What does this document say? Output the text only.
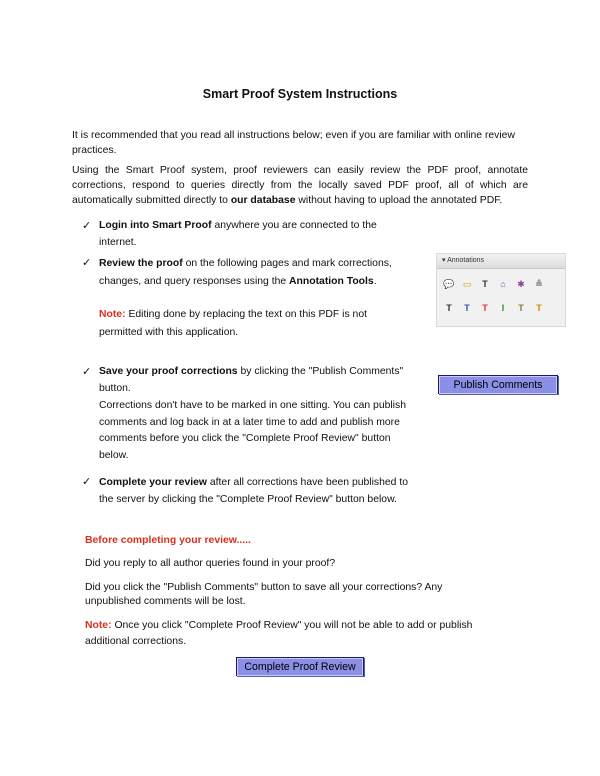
Smart Proof System Instructions
It is recommended that you read all instructions below; even if you are familiar with online review practices.
Using the Smart Proof system, proof reviewers can easily review the PDF proof, annotate corrections, respond to queries directly from the locally saved PDF proof, all of which are automatically submitted directly to our database without having to upload the annotated PDF.
✓ Login into Smart Proof anywhere you are connected to the internet.
✓ Review the proof on the following pages and mark corrections, changes, and query responses using the Annotation Tools.
Note: Editing done by replacing the text on this PDF is not permitted with this application.
▾ Annotations
💬 ▭	T	⌂	✱ ≗
T	T	T	I	T	T
✓ Save your proof corrections by clicking the "Publish Comments" button.
Corrections don't have to be marked in one sitting. You can publish comments and log back in at a later time to add and publish more comments before you click the "Complete Proof Review" button below.
Publish Comments
✓ Complete your review after all corrections have been published to the server by clicking the "Complete Proof Review" button below.
Before completing your review.....
Did you reply to all author queries found in your proof?
Did you click the "Publish Comments" button to save all your corrections? Any unpublished comments will be lost.
Note: Once you click "Complete Proof Review" you will not be able to add or publish additional corrections.
Complete Proof Review
